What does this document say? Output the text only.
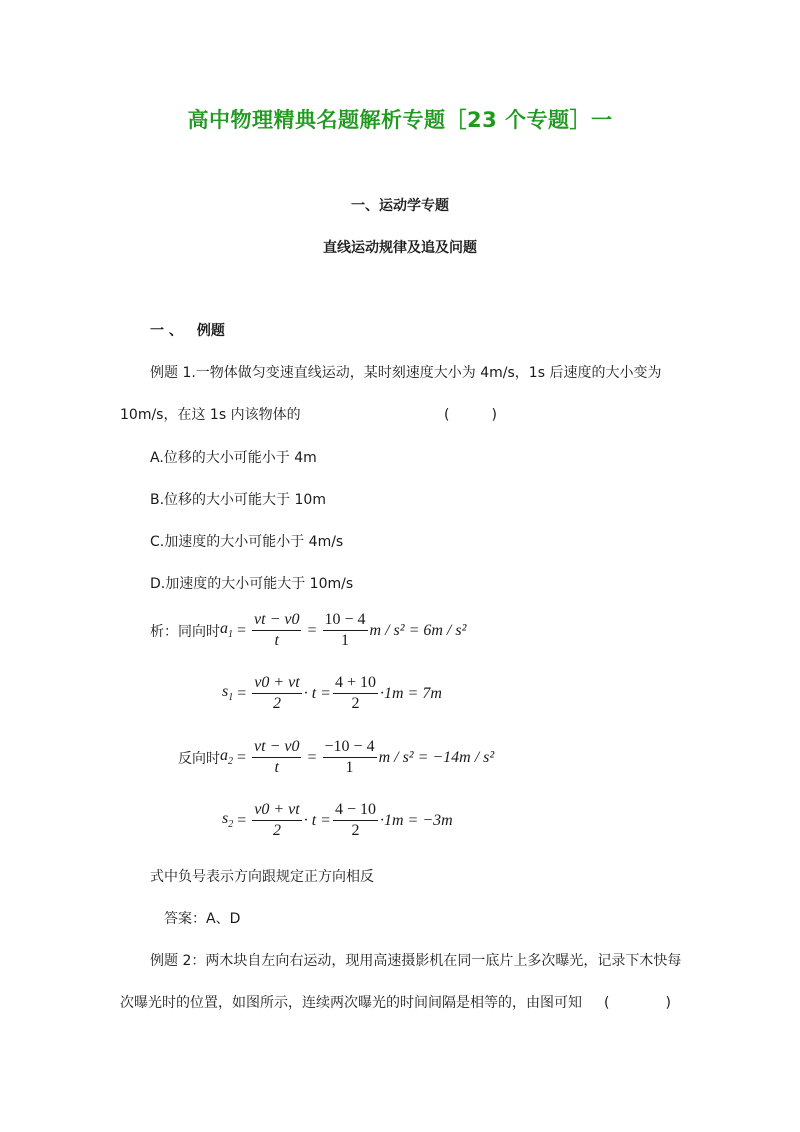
高中物理精典名题解析专题［23 个专题］一
一、运动学专题
直线运动规律及追及问题
一 、 例题
例题 1.一物体做匀变速直线运动，某时刻速度大小为 4m/s，1s 后速度的大小变为
10m/s，在这 1s 内该物体的	(　　　)
A.位移的大小可能小于 4m
B.位移的大小可能大于 10m
C.加速度的大小可能小于 4m/s
D.加速度的大小可能大于 10m/s
析：同向时 $a_1 = \frac{vt - v0}{t} = \frac{10 - 4}{1}$ m / s² = 6m / s²
$s_1 = \frac{v0 + vt}{2} \cdot t = \frac{4 + 10}{2} \cdot 1m = 7m$
反向时 $a_2 = \frac{vt - v0}{t} = \frac{-10 - 4}{1}$ m / s² = −14m / s²
$s_2 = \frac{v0 + vt}{2} \cdot t = \frac{4 - 10}{2} \cdot 1m = -3m$
式中负号表示方向跟规定正方向相反
答案：A、D
例题 2：两木块自左向右运动，现用高速摄影机在同一底片上多次曝光，记录下木快每
次曝光时的位置，如图所示，连续两次曝光的时间间隔是相等的，由图可知 (　　　　)
